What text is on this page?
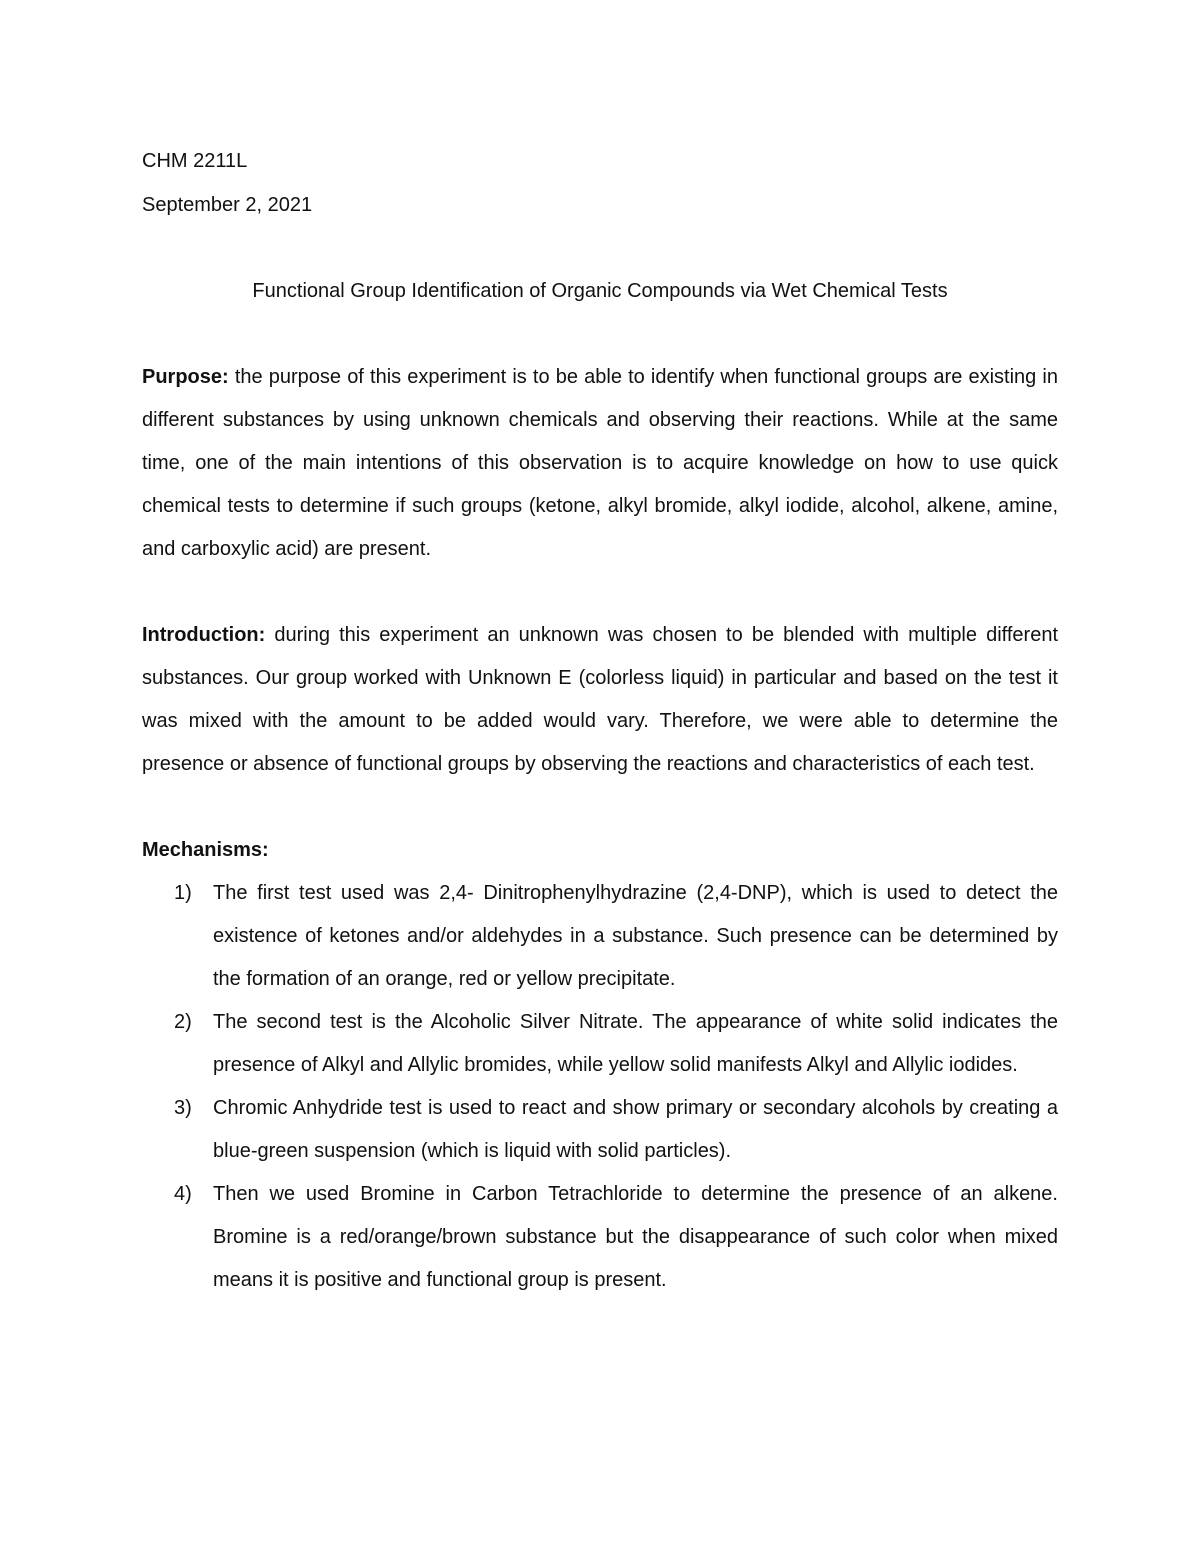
CHM 2211L

September 2, 2021

Functional Group Identification of Organic Compounds via Wet Chemical Tests

Purpose: the purpose of this experiment is to be able to identify when functional groups are existing in different substances by using unknown chemicals and observing their reactions. While at the same time, one of the main intentions of this observation is to acquire knowledge on how to use quick chemical tests to determine if such groups (ketone, alkyl bromide, alkyl iodide, alcohol, alkene, amine, and carboxylic acid) are present.

Introduction: during this experiment an unknown was chosen to be blended with multiple different substances. Our group worked with Unknown E (colorless liquid) in particular and based on the test it was mixed with the amount to be added would vary. Therefore, we were able to determine the presence or absence of functional groups by observing the reactions and characteristics of each test.

Mechanisms:

1) The first test used was 2,4- Dinitrophenylhydrazine (2,4-DNP), which is used to detect the existence of ketones and/or aldehydes in a substance. Such presence can be determined by the formation of an orange, red or yellow precipitate.
2) The second test is the Alcoholic Silver Nitrate. The appearance of white solid indicates the presence of Alkyl and Allylic bromides, while yellow solid manifests Alkyl and Allylic iodides.
3) Chromic Anhydride test is used to react and show primary or secondary alcohols by creating a blue-green suspension (which is liquid with solid particles).
4) Then we used Bromine in Carbon Tetrachloride to determine the presence of an alkene. Bromine is a red/orange/brown substance but the disappearance of such color when mixed means it is positive and functional group is present.
